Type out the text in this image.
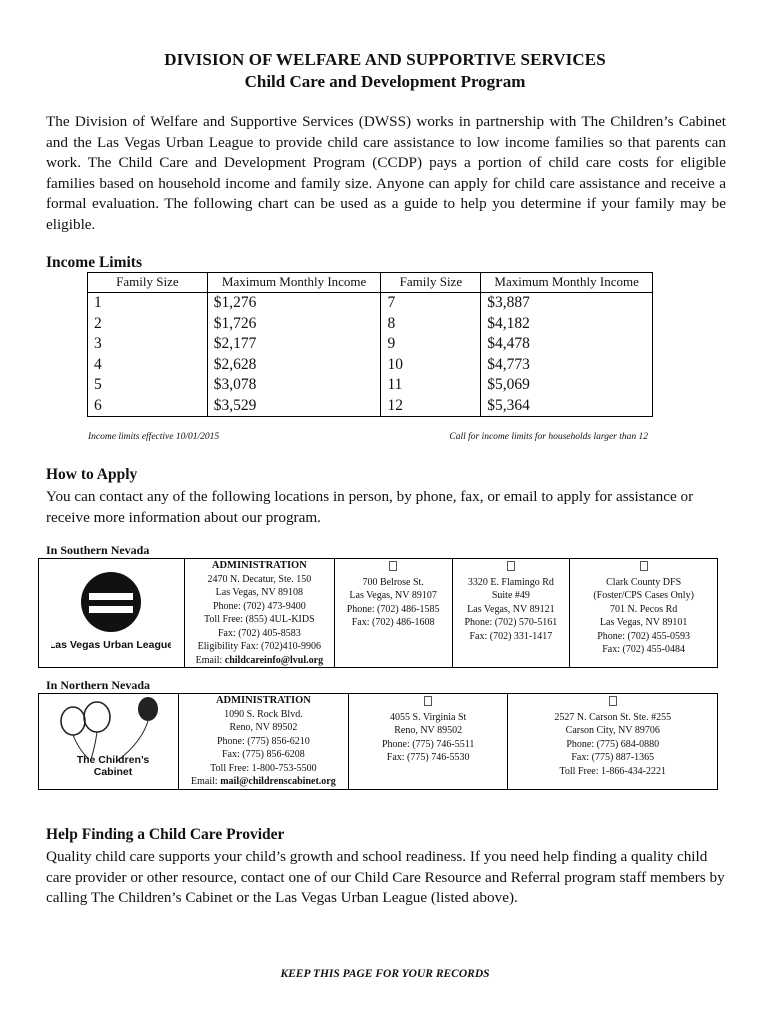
DIVISION OF WELFARE AND SUPPORTIVE SERVICES
Child Care and Development Program
The Division of Welfare and Supportive Services (DWSS) works in partnership with The Children’s Cabinet and the Las Vegas Urban League to provide child care assistance to low income families so that parents can work. The Child Care and Development Program (CCDP) pays a portion of child care costs for eligible families based on household income and family size. Anyone can apply for child care assistance and receive a formal evaluation. The following chart can be used as a guide to help you determine if your family may be eligible.
Income Limits
Family Size	Maximum Monthly Income	Family Size	Maximum Monthly Income
1	$1,276	7	$3,887
2	$1,726	8	$4,182
3	$2,177	9	$4,478
4	$2,628	10	$4,773
5	$3,078	11	$5,069
6	$3,529	12	$5,364
Income limits effective 10/01/2015	Call for income limits for households larger than 12
How to Apply
You can contact any of the following locations in person, by phone, fax, or email to apply for assistance or receive more information about our program.
In Southern Nevada
Las Vegas Urban League

ADMINISTRATION
2470 N. Decatur, Ste. 150
Las Vegas, NV 89108
Phone: (702) 473-9400
Toll Free: (855) 4UL-KIDS
Fax: (702) 405-8583
Eligibility Fax: (702)410-9906
Email: childcareinfo@lvul.org

700 Belrose St.
Las Vegas, NV 89107
Phone: (702) 486-1585
Fax: (702) 486-1608

3320 E. Flamingo Rd
Suite #49
Las Vegas, NV 89121
Phone: (702) 570-5161
Fax: (702) 331-1417

Clark County DFS
(Foster/CPS Cases Only)
701 N. Pecos Rd
Las Vegas, NV 89101
Phone: (702) 455-0593
Fax: (702) 455-0484
In Northern Nevada
The Children’s
Cabinet

ADMINISTRATION
1090 S. Rock Blvd.
Reno, NV 89502
Phone: (775) 856-6210
Fax: (775) 856-6208
Toll Free: 1-800-753-5500
Email: mail@childrenscabinet.org

4055 S. Virginia St
Reno, NV 89502
Phone: (775) 746-5511
Fax: (775) 746-5530

2527 N. Carson St. Ste. #255
Carson City, NV 89706
Phone: (775) 684-0880
Fax: (775) 887-1365
Toll Free: 1-866-434-2221
Help Finding a Child Care Provider
Quality child care supports your child’s growth and school readiness. If you need help finding a quality child care provider or other resource, contact one of our Child Care Resource and Referral program staff members by calling The Children’s Cabinet or the Las Vegas Urban League (listed above).
KEEP THIS PAGE FOR YOUR RECORDS
